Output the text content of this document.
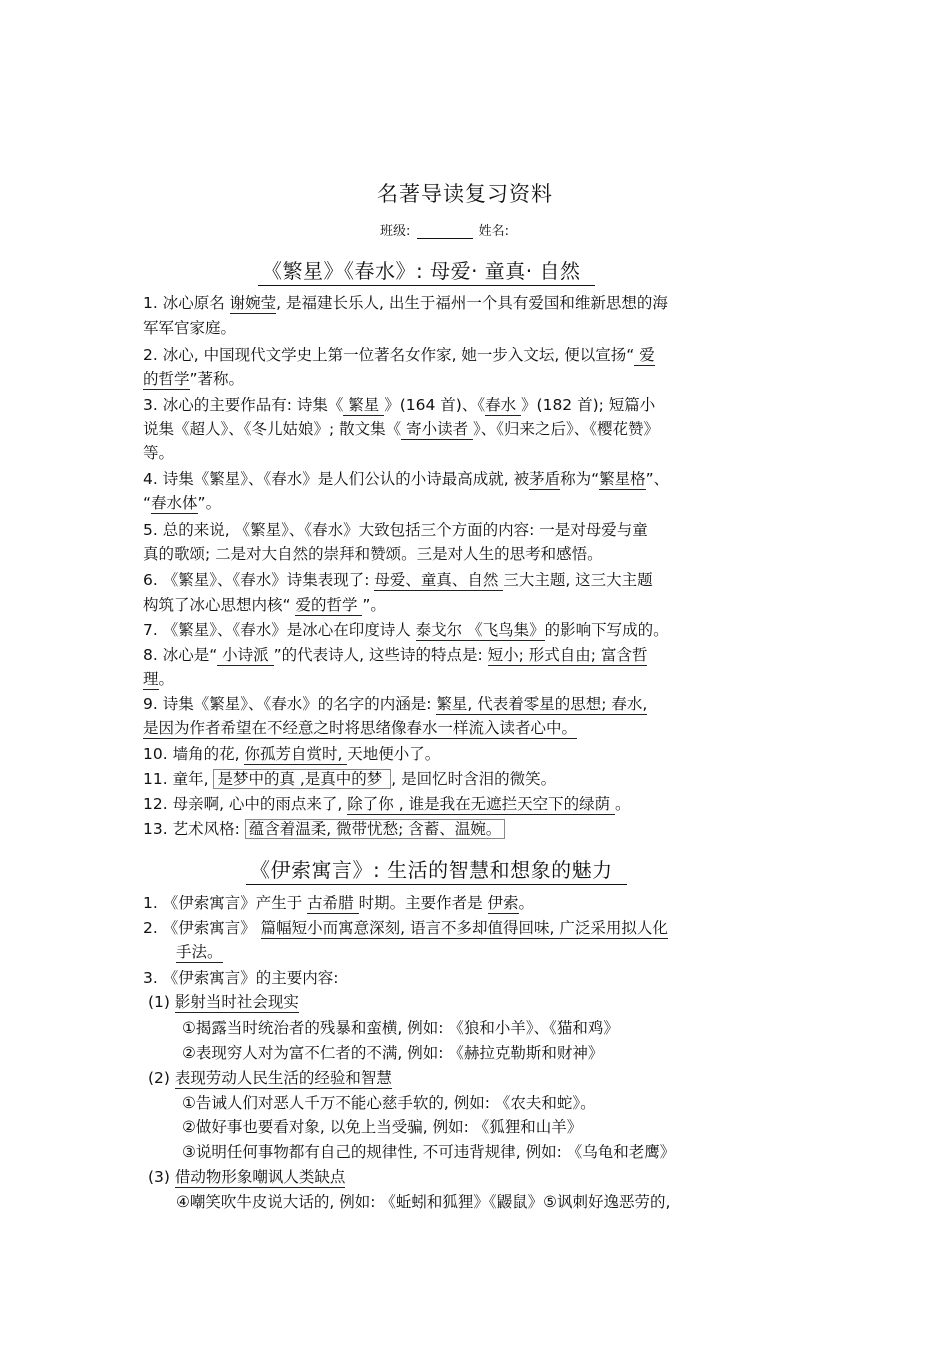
名著导读复习资料
班级:	姓名:
《繁星》《春水》: 母爱· 童真· 自然
1. 冰心原名 谢婉莹, 是福建长乐人, 出生于福州一个具有爱国和维新思想的海
军军官家庭。
2. 冰心, 中国现代文学史上第一位著名女作家, 她一步入文坛, 便以宣扬“ 爱
的哲学”著称。
3. 冰心的主要作品有: 诗集《 繁星 》(164 首)、《春水 》(182 首); 短篇小
说集《超人》、《冬儿姑娘》; 散文集《 寄小读者 》、《归来之后》、《樱花赞》
等。
4. 诗集《繁星》、《春水》是人们公认的小诗最高成就, 被茅盾称为“繁星格”、
“春水体”。
5. 总的来说, 《繁星》、《春水》大致包括三个方面的内容: 一是对母爱与童
真的歌颂; 二是对大自然的崇拜和赞颂。三是对人生的思考和感悟。
6. 《繁星》、《春水》诗集表现了: 母爱、童真、自然 三大主题, 这三大主题
构筑了冰心思想内核“ 爱的哲学 ”。
7. 《繁星》、《春水》是冰心在印度诗人 泰戈尔 《飞鸟集》的影响下写成的。
8. 冰心是“ 小诗派 ”的代表诗人, 这些诗的特点是: 短小; 形式自由; 富含哲
理。
9. 诗集《繁星》、《春水》的名字的内涵是: 繁星, 代表着零星的思想; 春水,
是因为作者希望在不经意之时将思绪像春水一样流入读者心中。
10. 墙角的花, 你孤芳自赏时, 天地便小了。
11. 童年, 是梦中的真 ,是真中的梦 , 是回忆时含泪的微笑。
12. 母亲啊, 心中的雨点来了, 除了你 , 谁是我在无遮拦天空下的绿荫 。
13. 艺术风格: 蕴含着温柔, 微带忧愁; 含蓄、温婉。
《伊索寓言》: 生活的智慧和想象的魅力
1. 《伊索寓言》产生于 古希腊 时期。主要作者是 伊索。
2. 《伊索寓言》 篇幅短小而寓意深刻, 语言不多却值得回味, 广泛采用拟人化
手法。
3. 《伊索寓言》的主要内容:
(1) 影射当时社会现实
①揭露当时统治者的残暴和蛮横, 例如: 《狼和小羊》、《猫和鸡》
②表现穷人对为富不仁者的不满, 例如: 《赫拉克勒斯和财神》
(2) 表现劳动人民生活的经验和智慧
①告诫人们对恶人千万不能心慈手软的, 例如: 《农夫和蛇》。
②做好事也要看对象, 以免上当受骗, 例如: 《狐狸和山羊》
③说明任何事物都有自己的规律性, 不可违背规律, 例如: 《乌龟和老鹰》
(3) 借动物形象嘲讽人类缺点
④嘲笑吹牛皮说大话的, 例如: 《蚯蚓和狐狸》《鼹鼠》⑤讽刺好逸恶劳的,
